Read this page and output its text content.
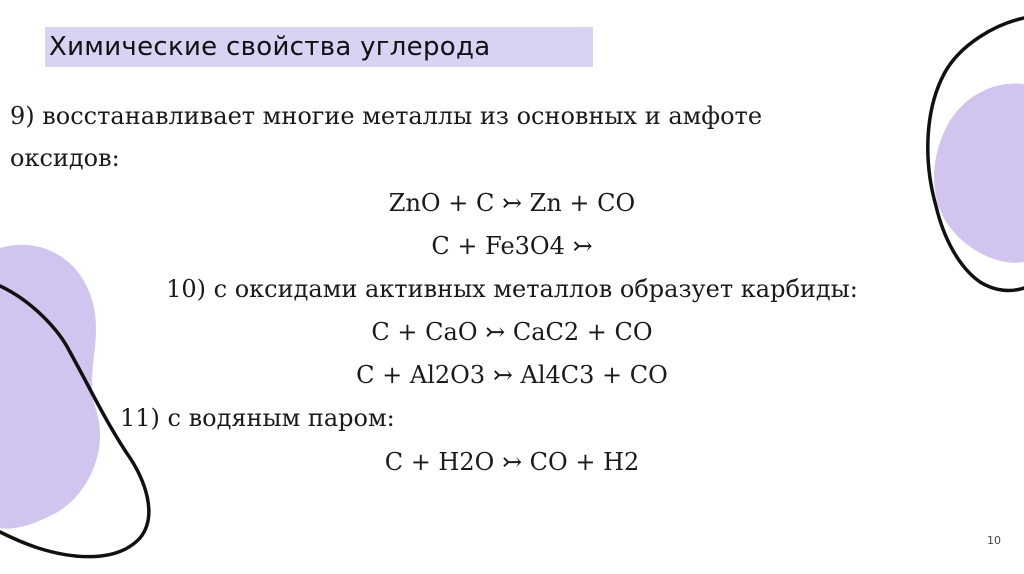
Химические свойства углерода
9) восстанавливает многие металлы из основных и амфоте
оксидов:
ZnO + C ↣ Zn + CO
C + Fe3O4 ↣
10) с оксидами активных металлов образует карбиды:
C + CaO ↣ CaC2 + CO
C + Al2O3 ↣ Al4C3 + CO
11) с водяным паром:
C + H2O ↣ CO + H2
10
